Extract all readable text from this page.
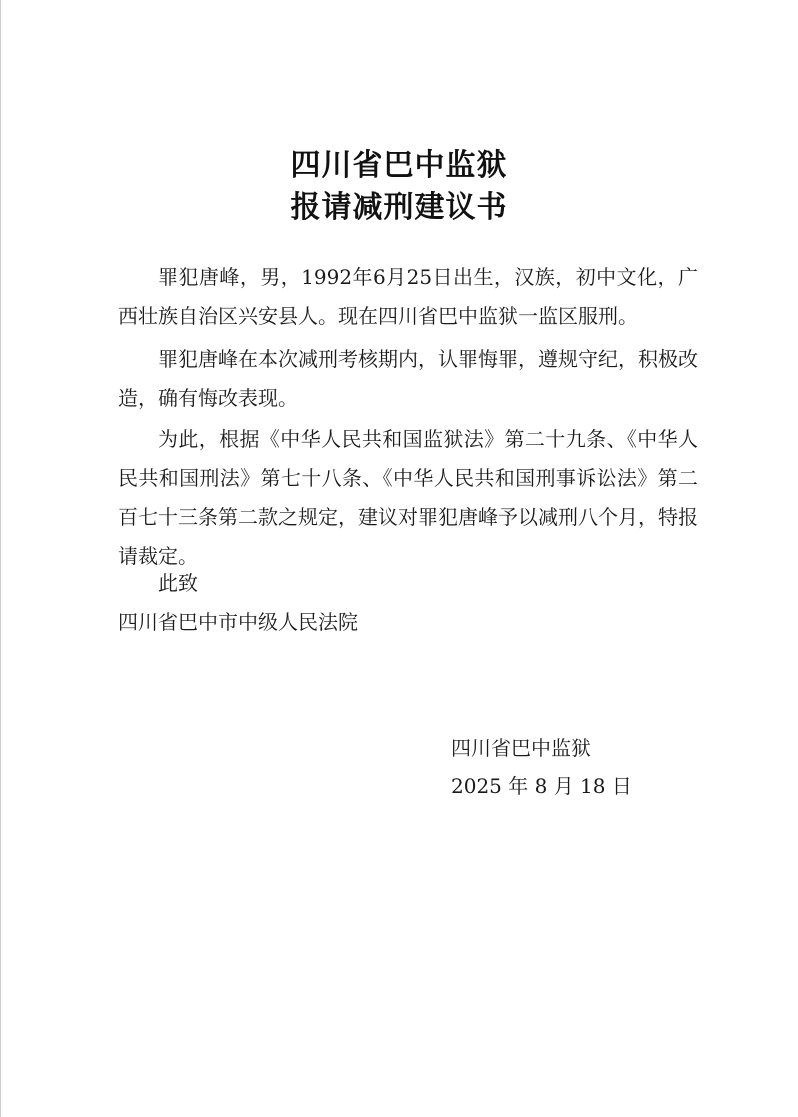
四川省巴中监狱
报请减刑建议书

罪犯唐峰，男，1992年6月25日出生，汉族，初中文化，广西壮族自治区兴安县人。现在四川省巴中监狱一监区服刑。

罪犯唐峰在本次减刑考核期内，认罪悔罪，遵规守纪，积极改造，确有悔改表现。

为此，根据《中华人民共和国监狱法》第二十九条、《中华人民共和国刑法》第七十八条、《中华人民共和国刑事诉讼法》第二百七十三条第二款之规定，建议对罪犯唐峰予以减刑八个月，特报请裁定。

此致
四川省巴中市中级人民法院
四川省巴中监狱
2025 年 8 月 18 日
